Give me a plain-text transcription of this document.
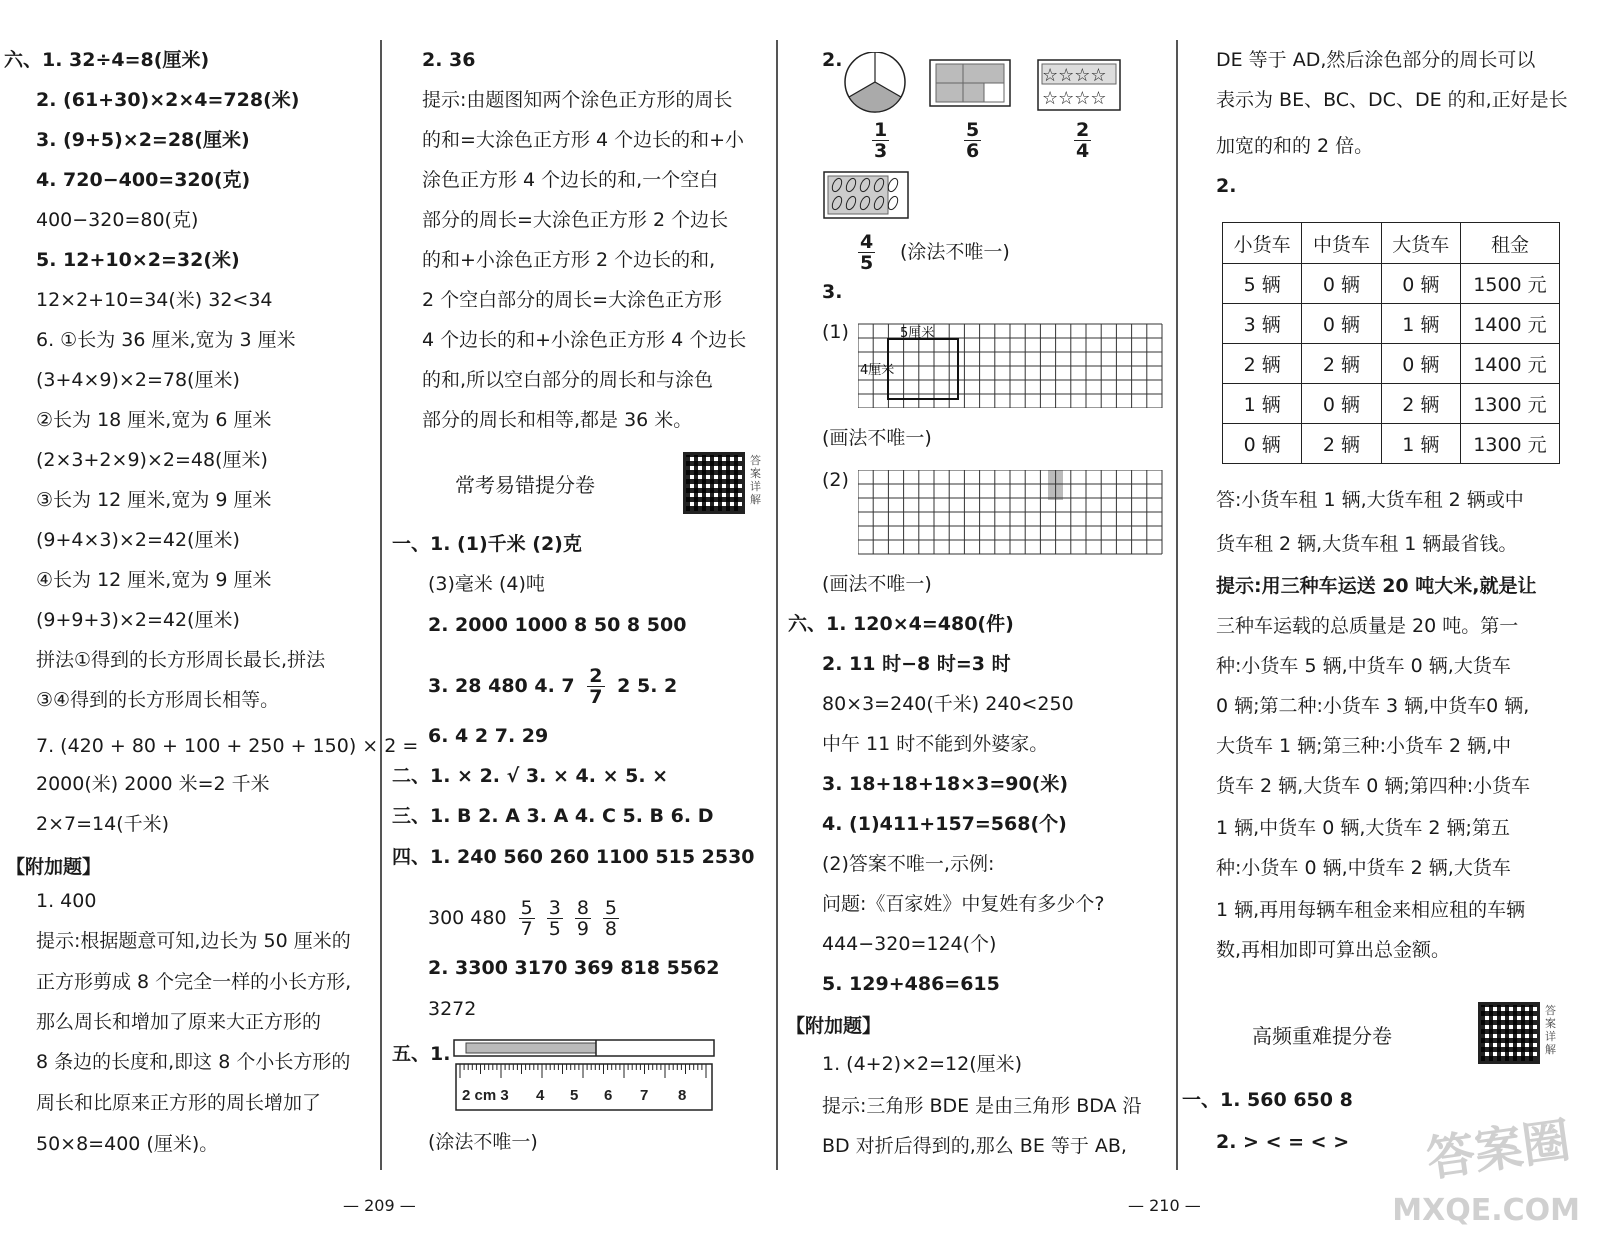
六、1. 32÷4=8(厘米)
2. (61+30)×2×4=728(米)
3. (9+5)×2=28(厘米)
4. 720−400=320(克)
400−320=80(克)
5. 12+10×2=32(米)
12×2+10=34(米) 32<34
6. ①长为 36 厘米,宽为 3 厘米
(3+4×9)×2=78(厘米)
②长为 18 厘米,宽为 6 厘米
(2×3+2×9)×2=48(厘米)
③长为 12 厘米,宽为 9 厘米
(9+4×3)×2=42(厘米)
④长为 12 厘米,宽为 9 厘米
(9+9+3)×2=42(厘米)
拼法①得到的长方形周长最长,拼法
③④得到的长方形周长相等。
7. (420 + 80 + 100 + 250 + 150) × 2 =
2000(米) 2000 米=2 千米
2×7=14(千米)
【附加题】
1. 400
提示:根据题意可知,边长为 50 厘米的
正方形剪成 8 个完全一样的小长方形,
那么周长和增加了原来大正方形的
8 条边的长度和,即这 8 个小长方形的
周长和比原来正方形的周长增加了
50×8=400 (厘米)。
2. 36
提示:由题图知两个涂色正方形的周长
的和=大涂色正方形 4 个边长的和+小
涂色正方形 4 个边长的和,一个空白
部分的周长=大涂色正方形 2 个边长
的和+小涂色正方形 2 个边长的和,
2 个空白部分的周长=大涂色正方形
4 个边长的和+小涂色正方形 4 个边长
的和,所以空白部分的周长和与涂色
部分的周长和相等,都是 36 米。
常考易错提分卷
答案详解
一、1. (1)千米 (2)克
(3)毫米 (4)吨
2. 2000 1000 8 50 8 500
3. 28 480 4. $7 \frac{2}{7} 2$ 5. 2
6. 4 2 7. 29
二、1. × 2. √ 3. × 4. × 5. ×
三、1. B 2. A 3. A 4. C 5. B 6. D
四、1. 240 560 260 1100 515 2530
300 $480 \frac{5}{7} \frac{3}{5} \frac{8}{9} \frac{5}{8}$
2. 3300 3170 369 818 5562
3272
五、1.
2 cm 3 4 5 6 7 8
(涂法不唯一)
— 209 —
2.
☆☆☆☆
☆☆☆☆
$\frac{1}{3}$	$\frac{5}{6}$	$\frac{2}{4}$
$\frac{4}{5}$ (涂法不唯一)
3.
(1)	5厘米
4厘米
(画法不唯一)
(2)
(画法不唯一)
六、1. 120×4=480(件)
2. 11 时−8 时=3 时
80×3=240(千米) 240<250
中午 11 时不能到外婆家。
3. 18+18+18×3=90(米)
4. (1)411+157=568(个)
(2)答案不唯一,示例:
问题:《百家姓》中复姓有多少个?
444−320=124(个)
5. 129+486=615
【附加题】
1. (4+2)×2=12(厘米)
提示:三角形 BDE 是由三角形 BDA 沿
BD 对折后得到的,那么 BE 等于 AB,
— 210 —
DE 等于 AD,然后涂色部分的周长可以
表示为 BE、BC、DC、DE 的和,正好是长
加宽的和的 2 倍。
2.
小货车	中货车	大货车	租金
5 辆	0 辆	0 辆	1500 元
3 辆	0 辆	1 辆	1400 元
2 辆	2 辆	0 辆	1400 元
1 辆	0 辆	2 辆	1300 元
0 辆	2 辆	1 辆	1300 元
答:小货车租 1 辆,大货车租 2 辆或中
货车租 2 辆,大货车租 1 辆最省钱。
提示:用三种车运送 20 吨大米,就是让
三种车运载的总质量是 20 吨。第一
种:小货车 5 辆,中货车 0 辆,大货车
0 辆;第二种:小货车 3 辆,中货车0 辆,
大货车 1 辆;第三种:小货车 2 辆,中
货车 2 辆,大货车 0 辆;第四种:小货车
1 辆,中货车 0 辆,大货车 2 辆;第五
种:小货车 0 辆,中货车 2 辆,大货车
1 辆,再用每辆车租金来相应租的车辆
数,再相加即可算出总金额。
高频重难提分卷
答案详解
一、1. 560 650 8
2. > < = < > 答案圈
MXQE.COM
